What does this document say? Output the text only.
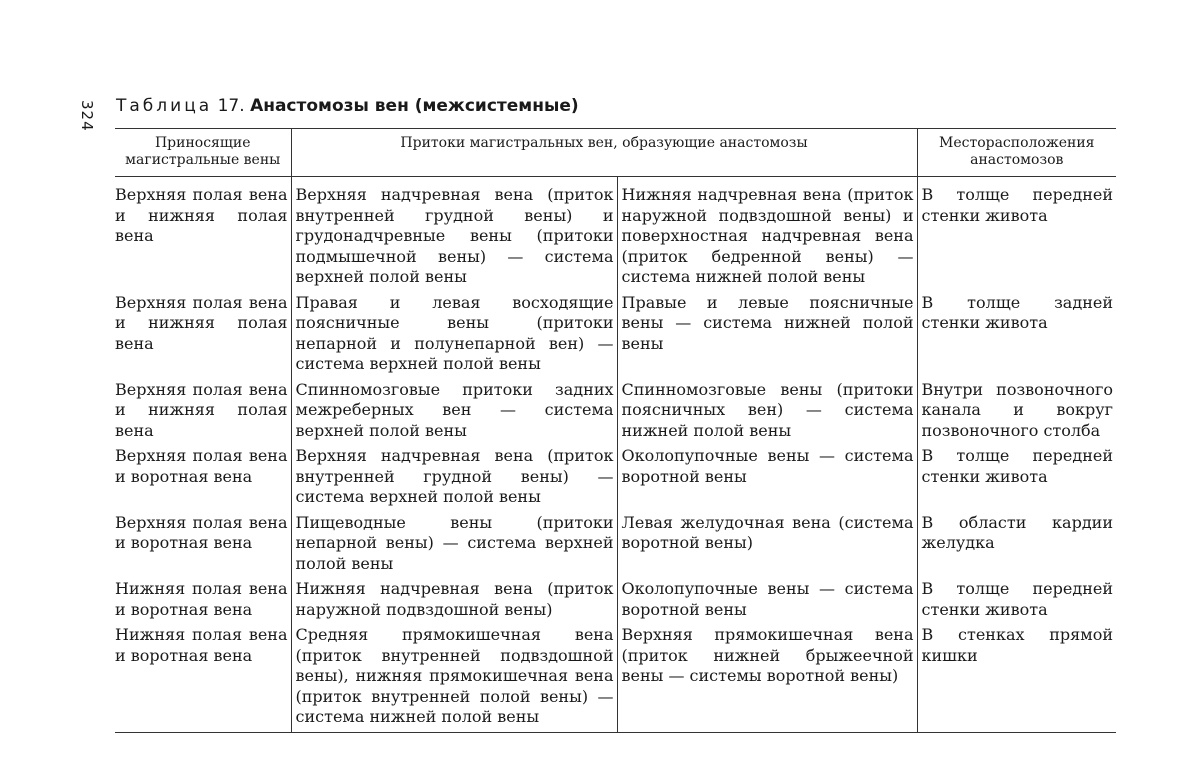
324 Таблица 17. Анастомозы вен (межсистемные)
Приносящие магистральные вены	Притоки магистральных вен, образующие анастомозы		Месторасположения анастомозов
Верхняя полая вена и нижняя полая вена	Верхняя надчревная вена (приток внутренней грудной вены) и грудонадчревные вены (притоки подмышечной вены) — система верхней полой вены	Нижняя надчревная вена (приток наружной подвздошной вены) и поверхностная надчревная вена (приток бедренной вены) — система нижней полой вены	В толще передней стенки живота
Верхняя полая вена и нижняя полая вена	Правая и левая восходящие поясничные вены (притоки непарной и полунепарной вен) — система верхней полой вены	Правые и левые поясничные вены — система нижней полой вены	В толще задней стенки живота
Верхняя полая вена и нижняя полая вена	Спинномозговые притоки задних межреберных вен — система верхней полой вены	Спинномозговые вены (притоки поясничных вен) — система нижней полой вены	Внутри позвоночного канала и вокруг позвоночного столба
Верхняя полая вена и воротная вена	Верхняя надчревная вена (приток внутренней грудной вены) — система верхней полой вены	Околопупочные вены — система воротной вены	В толще передней стенки живота
Верхняя полая вена и воротная вена	Пищеводные вены (притоки непарной вены) — система верхней полой вены	Левая желудочная вена (система воротной вены)	В области кардии желудка
Нижняя полая вена и воротная вена	Нижняя надчревная вена (приток наружной подвздошной вены)	Околопупочные вены — система воротной вены	В толще передней стенки живота
Нижняя полая вена и воротная вена	Средняя прямокишечная вена (приток внутренней подвздошной вены), нижняя прямокишечная вена (приток внутренней полой вены) — система нижней полой вены	Верхняя прямокишечная вена (приток нижней брыжеечной вены — системы воротной вены)	В стенках прямой кишки
